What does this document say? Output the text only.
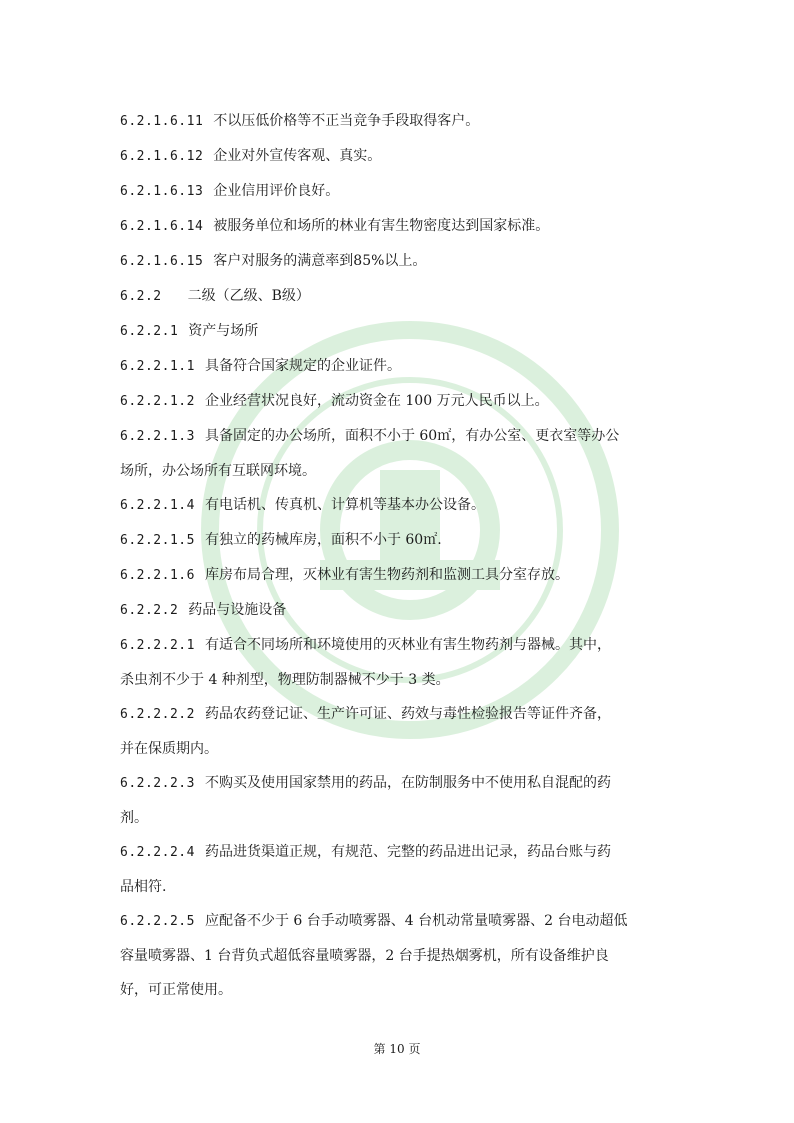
6.2.1.6.11 不以压低价格等不正当竞争手段取得客户。

6.2.1.6.12 企业对外宣传客观、真实。

6.2.1.6.13 企业信用评价良好。

6.2.1.6.14 被服务单位和场所的林业有害生物密度达到国家标准。

6.2.1.6.15 客户对服务的满意率到85%以上。

6.2.2 二级（乙级、B级）

6.2.2.1 资产与场所

6.2.2.1.1 具备符合国家规定的企业证件。

6.2.2.1.2 企业经营状况良好，流动资金在 100 万元人民币以上。

6.2.2.1.3 具备固定的办公场所，面积不小于 60㎡，有办公室、更衣室等办公

场所，办公场所有互联网环境。

6.2.2.1.4 有电话机、传真机、计算机等基本办公设备。

6.2.2.1.5 有独立的药械库房，面积不小于 60㎡.

6.2.2.1.6 库房布局合理，灭林业有害生物药剂和监测工具分室存放。

6.2.2.2 药品与设施设备

6.2.2.2.1 有适合不同场所和环境使用的灭林业有害生物药剂与器械。其中，

杀虫剂不少于 4 种剂型，物理防制器械不少于 3 类。

6.2.2.2.2 药品农药登记证、生产许可证、药效与毒性检验报告等证件齐备，

并在保质期内。

6.2.2.2.3 不购买及使用国家禁用的药品，在防制服务中不使用私自混配的药

剂。

6.2.2.2.4 药品进货渠道正规，有规范、完整的药品进出记录，药品台账与药

品相符.

6.2.2.2.5 应配备不少于 6 台手动喷雾器、4 台机动常量喷雾器、2 台电动超低

容量喷雾器、1 台背负式超低容量喷雾器，2 台手提热烟雾机，所有设备维护良

好，可正常使用。

第 10 页
